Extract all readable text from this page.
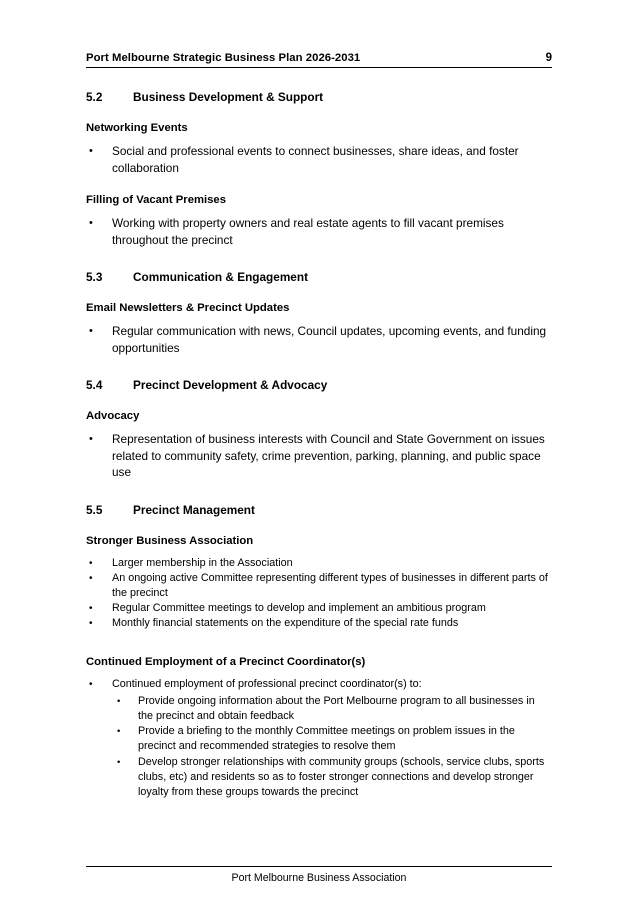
Port Melbourne Strategic Business Plan 2026-2031	9
5.2	Business Development & Support
Networking Events
• Social and professional events to connect businesses, share ideas, and foster collaboration
Filling of Vacant Premises
• Working with property owners and real estate agents to fill vacant premises throughout the precinct
5.3	Communication & Engagement
Email Newsletters & Precinct Updates
• Regular communication with news, Council updates, upcoming events, and funding opportunities
5.4	Precinct Development & Advocacy
Advocacy
• Representation of business interests with Council and State Government on issues related to community safety, crime prevention, parking, planning, and public space use
5.5	Precinct Management
Stronger Business Association
• Larger membership in the Association
• An ongoing active Committee representing different types of businesses in different parts of the precinct
• Regular Committee meetings to develop and implement an ambitious program
• Monthly financial statements on the expenditure of the special rate funds
Continued Employment of a Precinct Coordinator(s)
• Continued employment of professional precinct coordinator(s) to:
• Provide ongoing information about the Port Melbourne program to all businesses in the precinct and obtain feedback
• Provide a briefing to the monthly Committee meetings on problem issues in the precinct and recommended strategies to resolve them
• Develop stronger relationships with community groups (schools, service clubs, sports clubs, etc) and residents so as to foster stronger connections and develop stronger loyalty from these groups towards the precinct
Port Melbourne Business Association
